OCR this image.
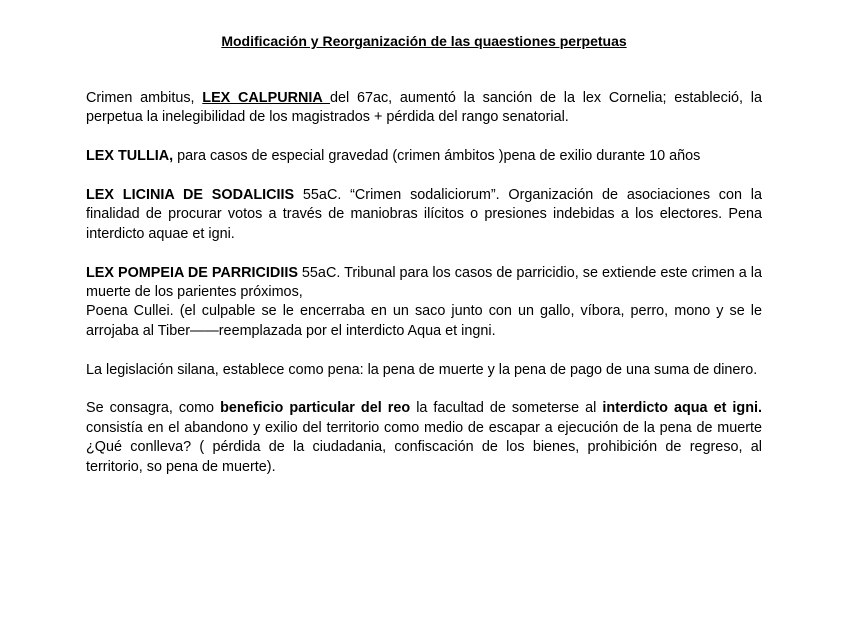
Modificación y Reorganización de las quaestiones perpetuas

Crimen ambitus, LEX CALPURNIA del 67ac, aumentó la sanción de la lex Cornelia; estableció, la perpetua la inelegibilidad de los magistrados + pérdida del rango senatorial.

LEX TULLIA, para casos de especial gravedad (crimen ámbitos )pena de exilio durante 10 años

LEX LICINIA DE SODALICIIS 55aC. “Crimen sodaliciorum”. Organización de asociaciones con la finalidad de procurar votos a través de maniobras ilícitos o presiones indebidas a los electores. Pena interdicto aquae et igni.

LEX POMPEIA DE PARRICIDIIS 55aC. Tribunal para los casos de parricidio, se extiende este crimen a la muerte de los parientes próximos,
Poena Cullei. (el culpable se le encerraba en un saco junto con un gallo, víbora, perro, mono y se le arrojaba al Tiber——reemplazada por el interdicto Aqua et ingni.

La legislación silana, establece como pena: la pena de muerte y la pena de pago de una suma de dinero.

Se consagra, como beneficio particular del reo la facultad de someterse al interdicto aqua et igni. consistía en el abandono y exilio del territorio como medio de escapar a ejecución de la pena de muerte ¿Qué conlleva? ( pérdida de la ciudadania, confiscación de los bienes, prohibición de regreso, al territorio, so pena de muerte).
